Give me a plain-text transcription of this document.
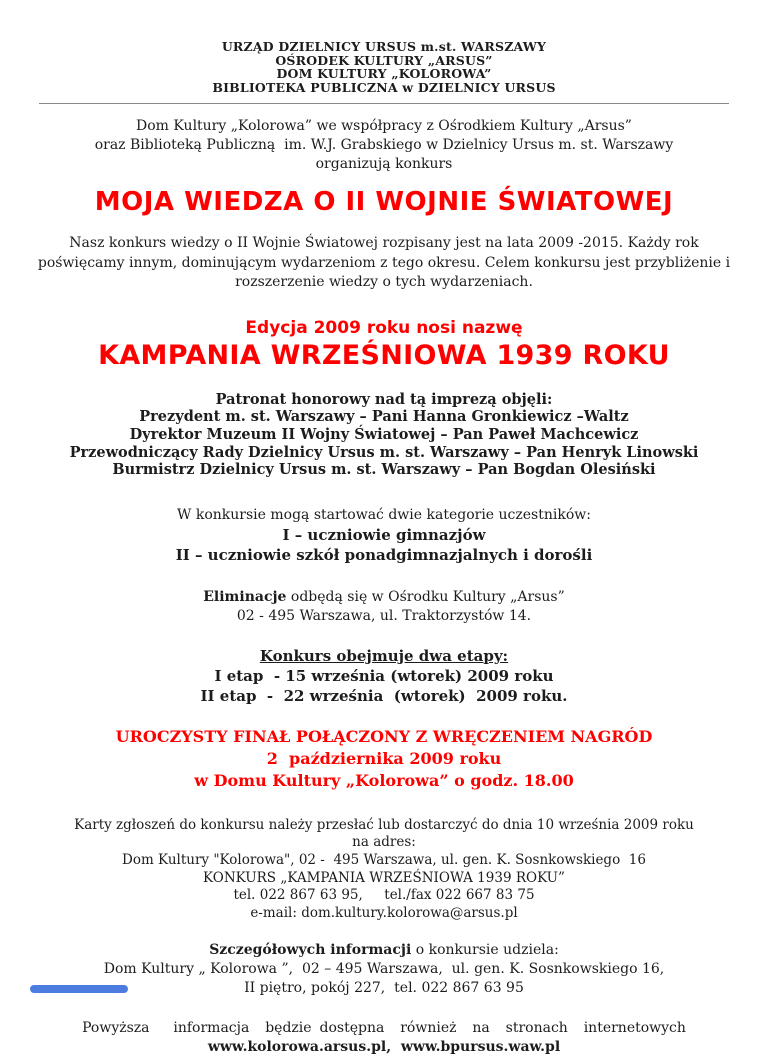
URZĄD DZIELNICY URSUS m.st. WARSZAWY
OŚRODEK KULTURY „ARSUS”
DOM KULTURY „KOLOROWA”
BIBLIOTEKA PUBLICZNA w DZIELNICY URSUS
Dom Kultury „Kolorowa” we współpracy z Ośrodkiem Kultury „Arsus”
oraz Biblioteką Publiczną  im. W.J. Grabskiego w Dzielnicy Ursus m. st. Warszawy
organizują konkurs
MOJA WIEDZA O II WOJNIE ŚWIATOWEJ
Nasz konkurs wiedzy o II Wojnie Światowej rozpisany jest na lata 2009 -2015. Każdy rok poświęcamy innym, dominującym wydarzeniom z tego okresu. Celem konkursu jest przybliżenie i rozszerzenie wiedzy o tych wydarzeniach.
Edycja 2009 roku nosi nazwę
KAMPANIA WRZEŚNIOWA 1939 ROKU
Patronat honorowy nad tą imprezą objęli:
Prezydent m. st. Warszawy – Pani Hanna Gronkiewicz –Waltz
Dyrektor Muzeum II Wojny Światowej – Pan Paweł Machcewicz
Przewodniczący Rady Dzielnicy Ursus m. st. Warszawy – Pan Henryk Linowski
Burmistrz Dzielnicy Ursus m. st. Warszawy – Pan Bogdan Olesiński
W konkursie mogą startować dwie kategorie uczestników:
I – uczniowie gimnazjów
II – uczniowie szkół ponadgimnazjalnych i dorośli
Eliminacje odbędą się w Ośrodku Kultury „Arsus”
02 - 495 Warszawa, ul. Traktorzystów 14.
Konkurs obejmuje dwa etapy:
I etap  - 15 września (wtorek) 2009 roku
II etap  -  22 września  (wtorek)  2009 roku.
UROCZYSTY FINAŁ POŁĄCZONY Z WRĘCZENIEM NAGRÓD
2  października 2009 roku
w Domu Kultury „Kolorowa” o godz. 18.00
Karty zgłoszeń do konkursu należy przesłać lub dostarczyć do dnia 10 września 2009 roku
na adres:
Dom Kultury "Kolorowa", 02 -  495 Warszawa, ul. gen. K. Sosnkowskiego  16
KONKURS „KAMPANIA WRZEŚNIOWA 1939 ROKU”
tel. 022 867 63 95,     tel./fax 022 667 83 75
e-mail: dom.kultury.kolorowa@arsus.pl
Szczegółowych informacji o konkursie udziela:
Dom Kultury „ Kolorowa ”,  02 – 495 Warszawa,  ul. gen. K. Sosnkowskiego 16,
II piętro, pokój 227,  tel. 022 867 63 95
Powyższa   informacja  będzie dostępna  również  na  stronach  internetowych
www.kolorowa.arsus.pl,  www.bpursus.waw.pl
